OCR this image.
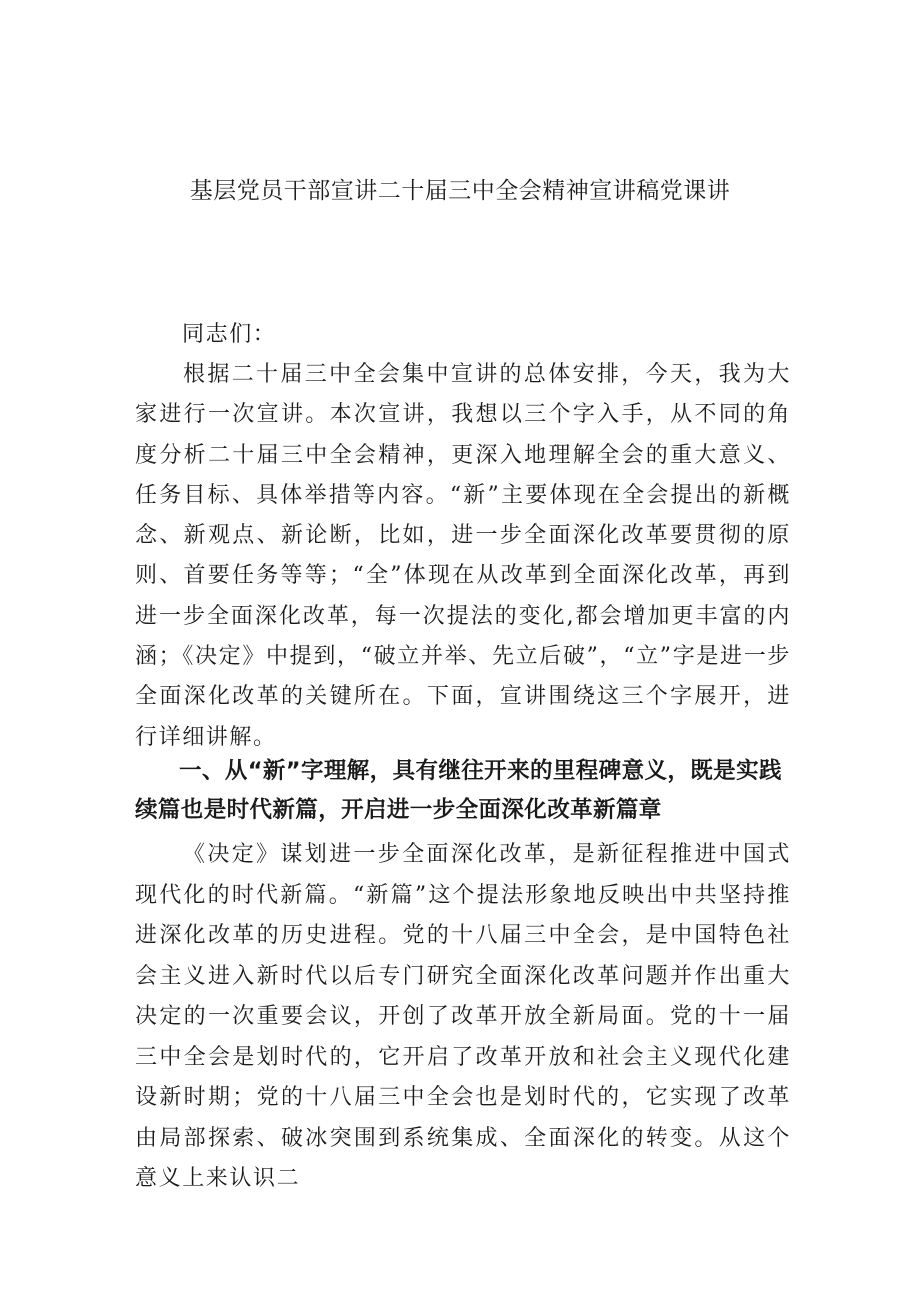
基层党员干部宣讲二十届三中全会精神宣讲稿党课讲

同志们：

根据二十届三中全会集中宣讲的总体安排，今天，我为大家进行一次宣讲。本次宣讲，我想以三个字入手，从不同的角度分析二十届三中全会精神，更深入地理解全会的重大意义、任务目标、具体举措等内容。“新”主要体现在全会提出的新概念、新观点、新论断，比如，进一步全面深化改革要贯彻的原则、首要任务等等；“全”体现在从改革到全面深化改革，再到进一步全面深化改革，每一次提法的变化,都会增加更丰富的内涵；《决定》中提到，“破立并举、先立后破”，“立”字是进一步全面深化改革的关键所在。下面，宣讲围绕这三个字展开，进行详细讲解。

一、从“新”字理解，具有继往开来的里程碑意义，既是实践续篇也是时代新篇，开启进一步全面深化改革新篇章

《决定》谋划进一步全面深化改革，是新征程推进中国式现代化的时代新篇。“新篇”这个提法形象地反映出中共坚持推进深化改革的历史进程。党的十八届三中全会，是中国特色社会主义进入新时代以后专门研究全面深化改革问题并作出重大决定的一次重要会议，开创了改革开放全新局面。党的十一届三中全会是划时代的，它开启了改革开放和社会主义现代化建设新时期；党的十八届三中全会也是划时代的，它实现了改革由局部探索、破冰突围到系统集成、全面深化的转变。从这个意义上来认识二
